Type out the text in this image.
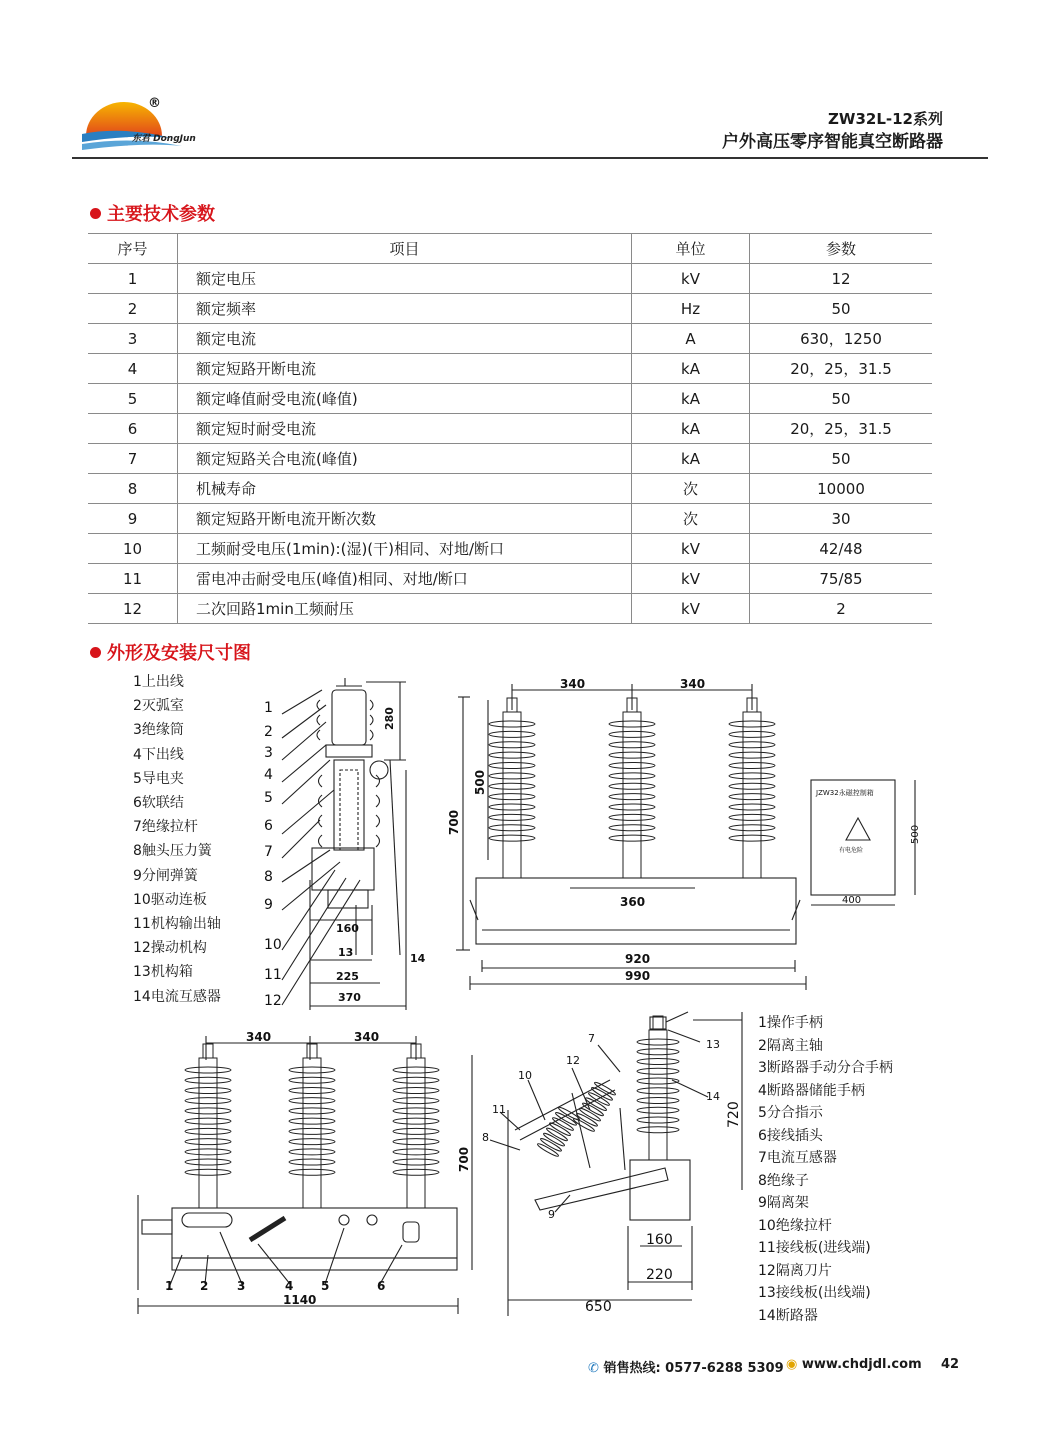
®
东君 DongJun
ZW32L-12系列
户外高压零序智能真空断路器
主要技术参数
序号	项目	单位	参数
1	额定电压	kV	12
2	额定频率	Hz	50
3	额定电流	A	630，1250
4	额定短路开断电流	kA	20，25，31.5
5	额定峰值耐受电流(峰值)	kA	50
6	额定短时耐受电流	kA	20，25，31.5
7	额定短路关合电流(峰值)	kA	50
8	机械寿命	次	10000
9	额定短路开断电流开断次数	次	30
10	工频耐受电压(1min):(湿)(干)相同、对地/断口	kV	42/48
11	雷电冲击耐受电压(峰值)相同、对地/断口	kV	75/85
12	二次回路1min工频耐压	kV	2
外形及安装尺寸图
1上出线
2灭弧室
3绝缘筒
4下出线
5导电夹
6软联结
7绝缘拉杆
8触头压力簧
9分闸弹簧
10驱动连板
11机构输出轴
12操动机构
13机构箱
14电流互感器
1操作手柄
2隔离主轴
3断路器手动分合手柄
4断路器储能手柄
5分合指示
6接线插头
7电流互感器
8绝缘子
9隔离架
10绝缘拉杆
11接线板(进线端)
12隔离刀片
13接线板(出线端)
14断路器
1
2
3
4
5
6
7
8
9
10
11
12
280
160
13
225
370
14
340	340
500
700
360
920
990
JZW32永磁控制箱
有电危险
500
400
340	340
700
1140
1 2 3	4 5	6
720
160
220
650
7
12
10
11
8
9
13
14
✆ 销售热线: 0577-6288 5309 ◉ www.chdjdl.com 42
